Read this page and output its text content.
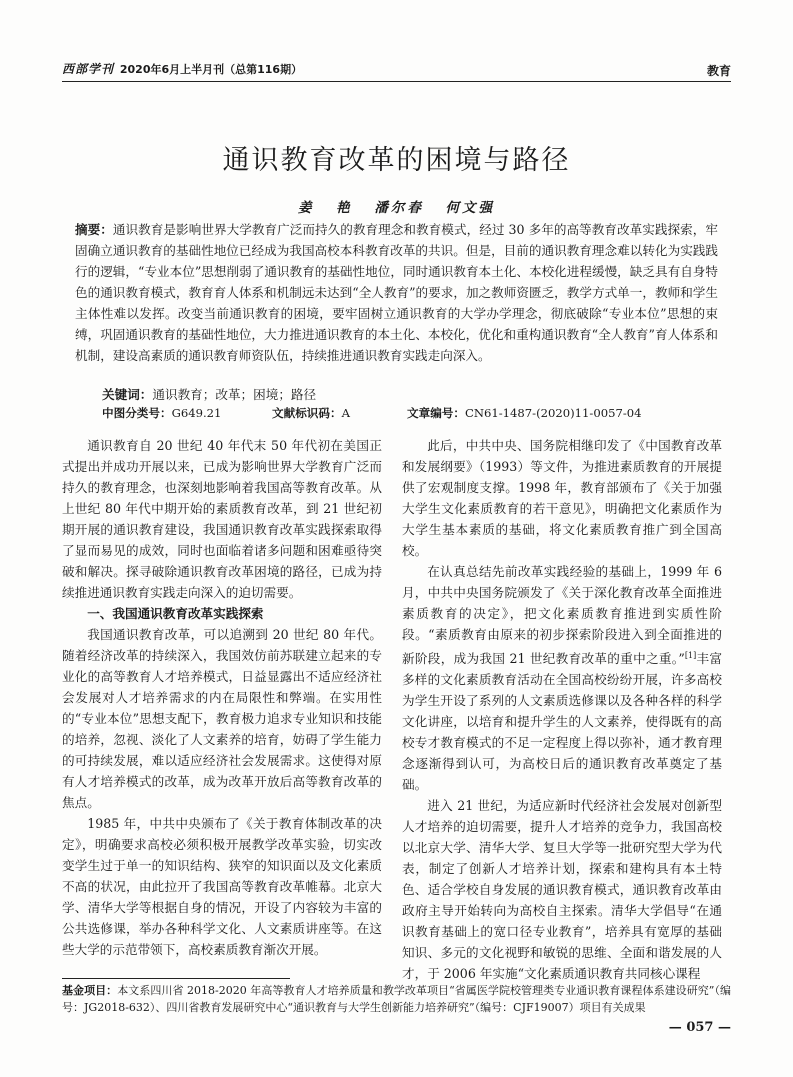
西部学刊 2020年6月上半月刊（总第116期）	教育
通识教育改革的困境与路径
姜 艳 潘尔春 何文强
摘要：通识教育是影响世界大学教育广泛而持久的教育理念和教育模式，经过 30 多年的高等教育改革实践探索，牢固确立通识教育的基础性地位已经成为我国高校本科教育改革的共识。但是，目前的通识教育理念难以转化为实践践行的逻辑，“专业本位”思想削弱了通识教育的基础性地位，同时通识教育本土化、本校化进程缓慢，缺乏具有自身特色的通识教育模式，教育育人体系和机制远未达到“全人教育”的要求，加之教师资匮乏，教学方式单一，教师和学生主体性难以发挥。改变当前通识教育的困境，要牢固树立通识教育的大学办学理念，彻底破除“专业本位”思想的束缚，巩固通识教育的基础性地位，大力推进通识教育的本土化、本校化，优化和重构通识教育“全人教育”育人体系和机制，建设高素质的通识教育师资队伍，持续推进通识教育实践走向深入。
关键词：通识教育；改革；困境；路径
中图分类号：G649.21	文献标识码：A	文章编号：CN61-1487-(2020)11-0057-04

通识教育自 20 世纪 40 年代末 50 年代初在美国正式提出并成功开展以来，已成为影响世界大学教育广泛而持久的教育理念，也深刻地影响着我国高等教育改革。从上世纪 80 年代中期开始的素质教育改革，到 21 世纪初期开展的通识教育建设，我国通识教育改革实践探索取得了显而易见的成效，同时也面临着诸多问题和困难亟待突破和解决。探寻破除通识教育改革困境的路径，已成为持续推进通识教育实践走向深入的迫切需要。

一、我国通识教育改革实践探索

我国通识教育改革，可以追溯到 20 世纪 80 年代。随着经济改革的持续深入，我国效仿前苏联建立起来的专业化的高等教育人才培养模式，日益显露出不适应经济社会发展对人才培养需求的内在局限性和弊端。在实用性的“专业本位”思想支配下，教育极力追求专业知识和技能的培养，忽视、淡化了人文素养的培育，妨碍了学生能力的可持续发展，难以适应经济社会发展需求。这使得对原有人才培养模式的改革，成为改革开放后高等教育改革的焦点。

1985 年，中共中央颁布了《关于教育体制改革的决定》，明确要求高校必须积极开展教学改革实验，切实改变学生过于单一的知识结构、狭窄的知识面以及文化素质不高的状况，由此拉开了我国高等教育改革帷幕。北京大学、清华大学等根据自身的情况，开设了内容较为丰富的公共选修课，举办各种科学文化、人文素质讲座等。在这些大学的示范带领下，高校素质教育渐次开展。

此后，中共中央、国务院相继印发了《中国教育改革和发展纲要》（1993）等文件，为推进素质教育的开展提供了宏观制度支撑。1998 年，教育部颁布了《关于加强大学生文化素质教育的若干意见》，明确把文化素质作为大学生基本素质的基础，将文化素质教育推广到全国高校。

在认真总结先前改革实践经验的基础上，1999 年 6 月，中共中央国务院颁发了《关于深化教育改革全面推进素质教育的决定》，把文化素质教育推进到实质性阶段。“素质教育由原来的初步探索阶段进入到全面推进的新阶段，成为我国 21 世纪教育改革的重中之重。”[1]丰富多样的文化素质教育活动在全国高校纷纷开展，许多高校为学生开设了系列的人文素质选修课以及各种各样的科学文化讲座，以培育和提升学生的人文素养，使得既有的高校专才教育模式的不足一定程度上得以弥补，通才教育理念逐渐得到认可，为高校日后的通识教育改革奠定了基础。

进入 21 世纪，为适应新时代经济社会发展对创新型人才培养的迫切需要，提升人才培养的竞争力，我国高校以北京大学、清华大学、复旦大学等一批研究型大学为代表，制定了创新人才培养计划，探索和建构具有本土特色、适合学校自身发展的通识教育模式，通识教育改革由政府主导开始转向为高校自主探索。清华大学倡导“在通识教育基础上的宽口径专业教育”，培养具有宽厚的基础知识、多元的文化视野和敏锐的思维、全面和谐发展的人才，于 2006 年实施“文化素质通识教育共同核心课程

基金项目：本文系四川省 2018-2020 年高等教育人才培养质量和教学改革项目“省属医学院校管理类专业通识教育课程体系建设研究”（编号：JG2018-632）、四川省教育发展研究中心“通识教育与大学生创新能力培养研究”（编号：CJF19007）项目有关成果
— 057 —
